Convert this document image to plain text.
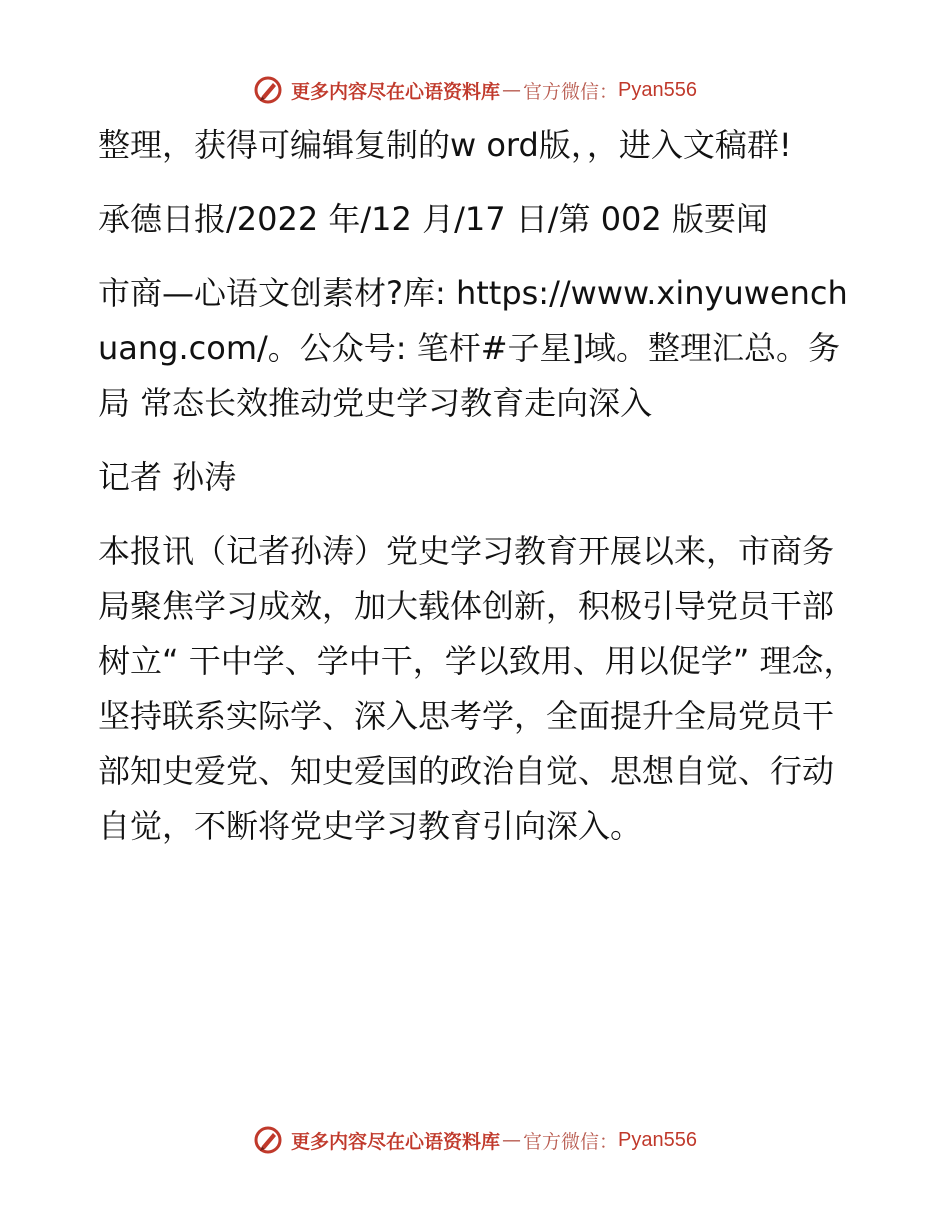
更多内容尽在心语资料库 — 官方微信： Pyan556

整理，获得可编辑复制的w ord版，，进入文稿群!

承德日报/2022 年/12 月/17 日/第 002 版要闻

市商—心语文创素材?库: https://www.xinyuwenchuang.com/。公众号: 笔杆#子星]域。整理汇总。务局 常态长效推动党史学习教育走向深入

记者 孙涛

本报讯（记者孙涛）党史学习教育开展以来，市商务局聚焦学习成效，加大载体创新，积极引导党员干部树立“ 干中学、学中干，学以致用、用以促学” 理念，坚持联系实际学、深入思考学，全面提升全局党员干部知史爱党、知史爱国的政治自觉、思想自觉、行动自觉，不断将党史学习教育引向深入。

更多内容尽在心语资料库 — 官方微信： Pyan556
